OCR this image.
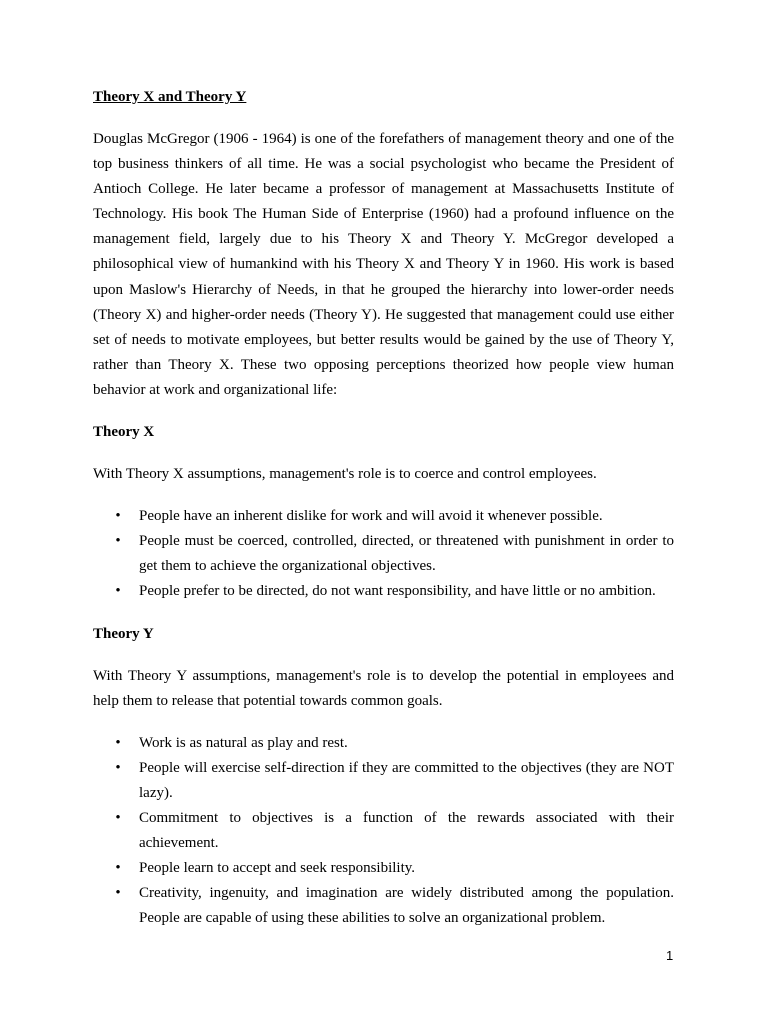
Theory X and Theory Y
Douglas McGregor (1906 - 1964) is one of the forefathers of management theory and one of the top business thinkers of all time. He was a social psychologist who became the President of Antioch College. He later became a professor of management at Massachusetts Institute of Technology. His book The Human Side of Enterprise (1960) had a profound influence on the management field, largely due to his Theory X and Theory Y. McGregor developed a philosophical view of humankind with his Theory X and Theory Y in 1960. His work is based upon Maslow's Hierarchy of Needs, in that he grouped the hierarchy into lower-order needs (Theory X) and higher-order needs (Theory Y). He suggested that management could use either set of needs to motivate employees, but better results would be gained by the use of Theory Y, rather than Theory X. These two opposing perceptions theorized how people view human behavior at work and organizational life:
Theory X
With Theory X assumptions, management's role is to coerce and control employees.
• People have an inherent dislike for work and will avoid it whenever possible.
• People must be coerced, controlled, directed, or threatened with punishment in order to get them to achieve the organizational objectives.
• People prefer to be directed, do not want responsibility, and have little or no ambition.
Theory Y
With Theory Y assumptions, management's role is to develop the potential in employees and help them to release that potential towards common goals.
• Work is as natural as play and rest.
• People will exercise self-direction if they are committed to the objectives (they are NOT lazy).
• Commitment to objectives is a function of the rewards associated with their achievement.
• People learn to accept and seek responsibility.
• Creativity, ingenuity, and imagination are widely distributed among the population. People are capable of using these abilities to solve an organizational problem.
1
